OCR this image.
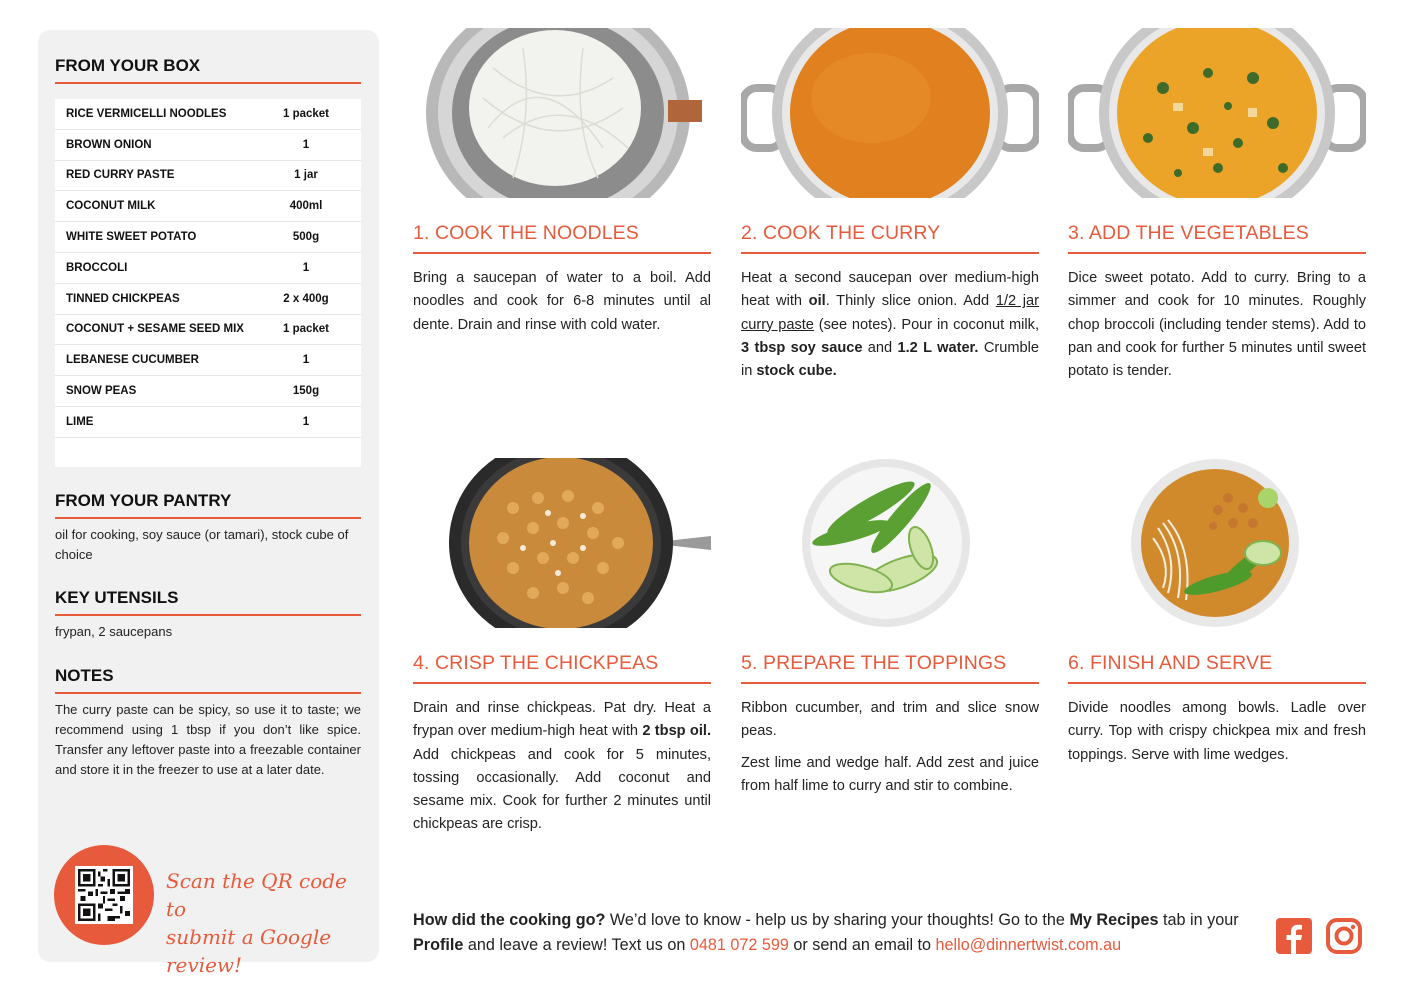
FROM YOUR BOX
RICE VERMICELLI NOODLES	1 packet
BROWN ONION	1
RED CURRY PASTE	1 jar
COCONUT MILK	400ml
WHITE SWEET POTATO	500g
BROCCOLI	1
TINNED CHICKPEAS	2 x 400g
COCONUT + SESAME SEED MIX	1 packet
LEBANESE CUCUMBER	1
SNOW PEAS	150g
LIME	1
FROM YOUR PANTRY
oil for cooking, soy sauce (or tamari), stock cube of choice
KEY UTENSILS
frypan, 2 saucepans
NOTES
The curry paste can be spicy, so use it to taste; we recommend using 1 tbsp if you don’t like spice. Transfer any leftover paste into a freezable container and store it in the freezer to use at a later date.
Scan the QR code to
submit a Google review!
1. COOK THE NOODLES
Bring a saucepan of water to a boil. Add noodles and cook for 6-8 minutes until al dente. Drain and rinse with cold water.
2. COOK THE CURRY
Heat a second saucepan over medium-high heat with oil. Thinly slice onion. Add 1/2 jar curry paste (see notes). Pour in coconut milk, 3 tbsp soy sauce and 1.2 L water. Crumble in stock cube.
3. ADD THE VEGETABLES
Dice sweet potato. Add to curry. Bring to a simmer and cook for 10 minutes. Roughly chop broccoli (including tender stems). Add to pan and cook for further 5 minutes until sweet potato is tender.
4. CRISP THE CHICKPEAS
Drain and rinse chickpeas. Pat dry. Heat a frypan over medium-high heat with 2 tbsp oil. Add chickpeas and cook for 5 minutes, tossing occasionally. Add coconut and sesame mix. Cook for further 2 minutes until chickpeas are crisp.
5. PREPARE THE TOPPINGS

Ribbon cucumber, and trim and slice snow peas.

Zest lime and wedge half. Add zest and juice from half lime to curry and stir to combine.

6. FINISH AND SERVE
Divide noodles among bowls. Ladle over curry. Top with crispy chickpea mix and fresh toppings. Serve with lime wedges.
How did the cooking go? We’d love to know - help us by sharing your thoughts! Go to the My Recipes tab in your Profile and leave a review! Text us on 0481 072 599 or send an email to hello@dinnertwist.com.au
